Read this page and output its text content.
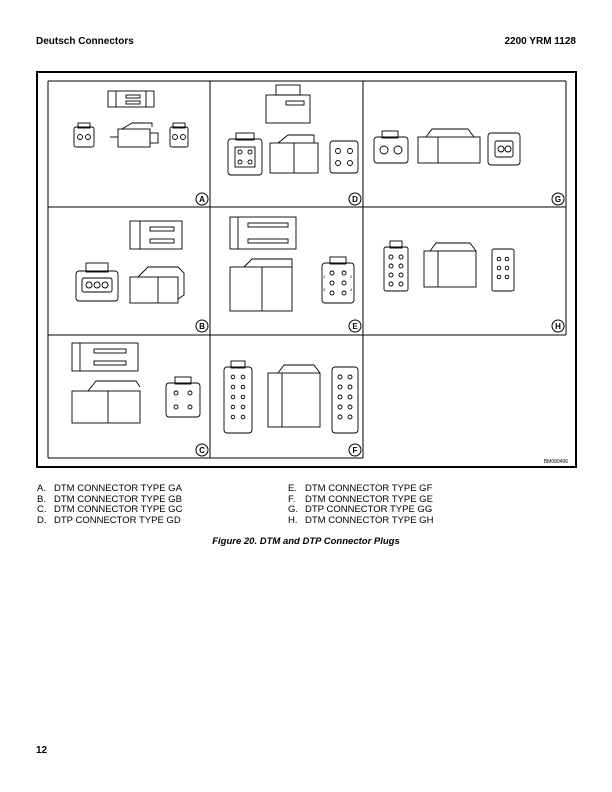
Deutsch Connectors	2200 YRM 1128
1	2
3	4
A	D	G
B	E	H
C	F
BM080496
A. DTM CONNECTOR TYPE GA
B. DTM CONNECTOR TYPE GB
C. DTM CONNECTOR TYPE GC
D. DTP CONNECTOR TYPE GD
E. DTM CONNECTOR TYPE GF
F. DTM CONNECTOR TYPE GE
G. DTP CONNECTOR TYPE GG
H. DTM CONNECTOR TYPE GH
Figure 20. DTM and DTP Connector Plugs
12
